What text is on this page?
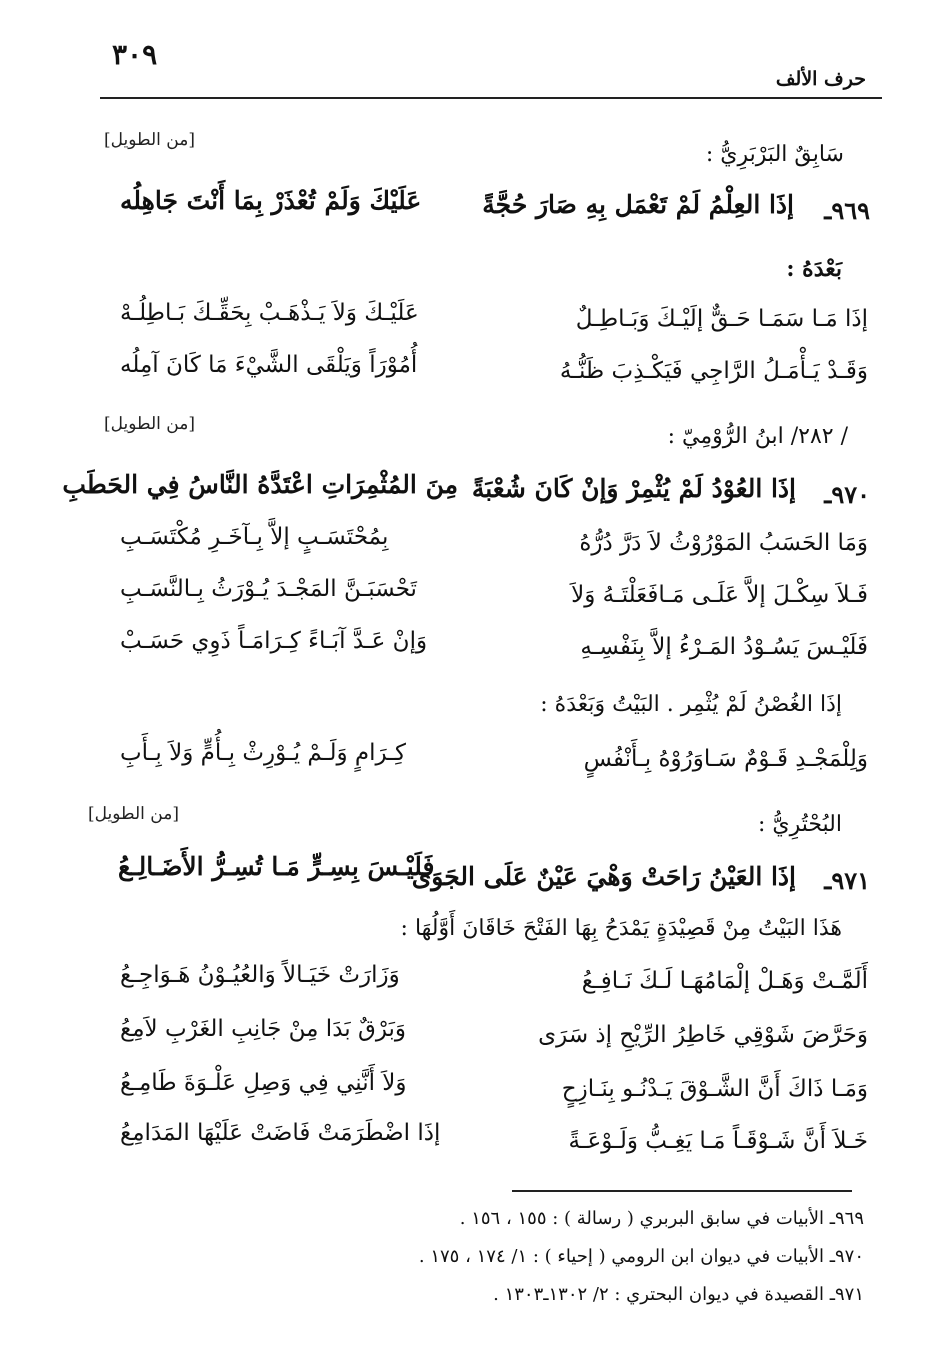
٣٠٩
حرف الألف
[من الطويل]
سَابِقٌ البَرْبَرِيُّ :
٩٦٩ـ
إذَا العِلْمُ لَمْ تَعْمَل بِهِ صَارَ حُجَّةً
عَلَيْكَ وَلَمْ تُعْذَرْ بِمَا أَنْتَ جَاهِلُه
بَعْدَهُ :
إذَا مَـا سَمَـا حَـقٌّ إلَيْـكَ وَبَـاطِـلٌ
عَلَيْـكَ وَلاَ يَـذْهَـبْ بِحَقِّـكَ بَـاطِلُـهْ
وَقَـدْ يَـأْمَـلُ الرَّاجِي فَيَكْـذِبَ ظَنُّـهُ
أُمُوْرَاً وَيَلْقَى الشَّيْءَ مَا كَانَ آمِلُه
[من الطويل]	/ ٢٨٢/ ابنُ الرُّوْمِيّ :
٩٧٠ـ
إذَا العُوْدُ لَمْ يُثْمِرْ وَإنْ كَانَ شُعْبَةً
مِنَ المُثْمِرَاتِ اعْتَدَّهُ النَّاسُ فِي الحَطَبِ
وَمَا الحَسَبُ المَوْرُوْثُ لاَ دَرَّ دُرُّهُ
بِمُحْتَسَـبٍ إلاَّ بِـآخَـرِ مُكْتَسَـبِ
فَـلاَ سِكْـلَ إلاَّ عَلَـى مَـافَعَلْتَـهُ وَلاَ
تَحْسَبَـنَّ المَجْـدَ يُـوْرَثُ بِـالنَّسَـبِ
فَلَيْـسَ يَسُـوْدُ المَـرْءُ إلاَّ بِنَفْسِـهِ
وَإنْ عَـدَّ آبَـاءً كِـرَامَـاً ذَوِي حَسَـبْ
إذَا الغُصْنُ لَمْ يُثْمِر . البَيْتُ وَبَعْدَهُ :
وَلِلْمَجْـدِ قَـوْمٌ سَـاوَرُوْهُ بِـأَنْفُسٍ
كِـرَامٍ وَلَـمْ يُـوْرِثْ بِـأُمٍّ وَلاَ بِـأَبِ
[من الطويل]	البُحْتُرِيُّ :
٩٧١ـ
إذَا العَيْنُ رَاحَتْ وَهْيَ عَيْنٌ عَلَى الجَوَى
فَلَيْـسَ بِسِـرٍّ مَـا تُسِـرُّ الأَضَـالِـعُ
هَذَا البَيْتُ مِنْ قَصِيْدَةٍ يَمْدَحُ بِهَا الفَتْحَ خَاقَانَ أَوَّلُهَا :
أَلَمَّـتْ وَهَـلْ إلْمَامُهَـا لَـكَ نَـافِـعُ
وَزَارَتْ خَيَـالاً وَالعُيُـوْنُ هَـوَاجِـعُ
وَحَرَّضَ شَوْقِي خَاطِرُ الرِّيْحِ إذ سَرَى
وَبَرْقٌ بَدَا مِنْ جَانِبِ الغَرْبِ لاَمِعُ
وَمَـا ذَاكَ أَنَّ الشَّـوْقَ يَـدْنُـو بِنَـازِحٍ
وَلاَ أَنَّنِي فِي وَصِلِ عَلْـوَةَ طَامِـعُ
خَـلاَ أَنَّ شَـوْقَـاً مَـا يَغِـبُّ وَلَـوْعَـةً
إذَا اضْطَرَمَتْ فَاضَتْ عَلَيْهَا المَدَامِعُ
٩٦٩ـ الأبيات في سابق البربري ( رسالة ) : ١٥٥ ، ١٥٦ .
٩٧٠ـ الأبيات في ديوان ابن الرومي ( إحياء ) : ١/ ١٧٤ ، ١٧٥ .
٩٧١ـ القصيدة في ديوان البحتري : ٢/ ١٣٠٢ـ١٣٠٣ .
